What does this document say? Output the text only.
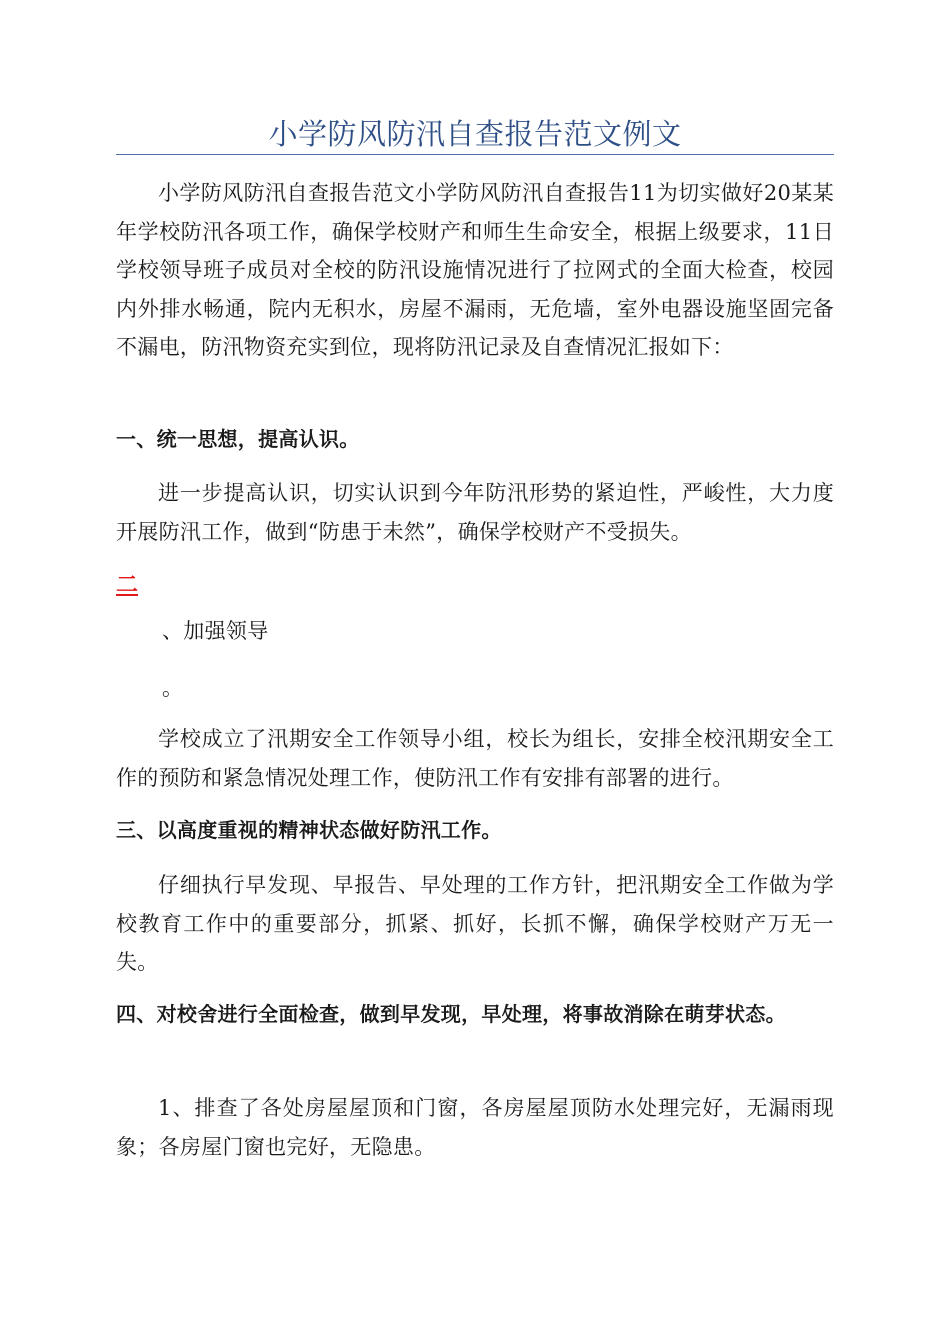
小学防风防汛自查报告范文例文

小学防风防汛自查报告范文小学防风防汛自查报告11为切实做好20某某年学校防汛各项工作，确保学校财产和师生生命安全，根据上级要求，11日学校领导班子成员对全校的防汛设施情况进行了拉网式的全面大检查，校园内外排水畅通，院内无积水，房屋不漏雨，无危墙，室外电器设施坚固完备不漏电，防汛物资充实到位，现将防汛记录及自查情况汇报如下：

一、统一思想，提高认识。

进一步提高认识，切实认识到今年防汛形势的紧迫性，严峻性，大力度开展防汛工作，做到“防患于未然”，确保学校财产不受损失。

二
、加强领导
。

学校成立了汛期安全工作领导小组，校长为组长，安排全校汛期安全工作的预防和紧急情况处理工作，使防汛工作有安排有部署的进行。

三、以高度重视的精神状态做好防汛工作。

仔细执行早发现、早报告、早处理的工作方针，把汛期安全工作做为学校教育工作中的重要部分，抓紧、抓好，长抓不懈，确保学校财产万无一失。

四、对校舍进行全面检查，做到早发现，早处理，将事故消除在萌芽状态。

1、排查了各处房屋屋顶和门窗，各房屋屋顶防水处理完好，无漏雨现象；各房屋门窗也完好，无隐患。
